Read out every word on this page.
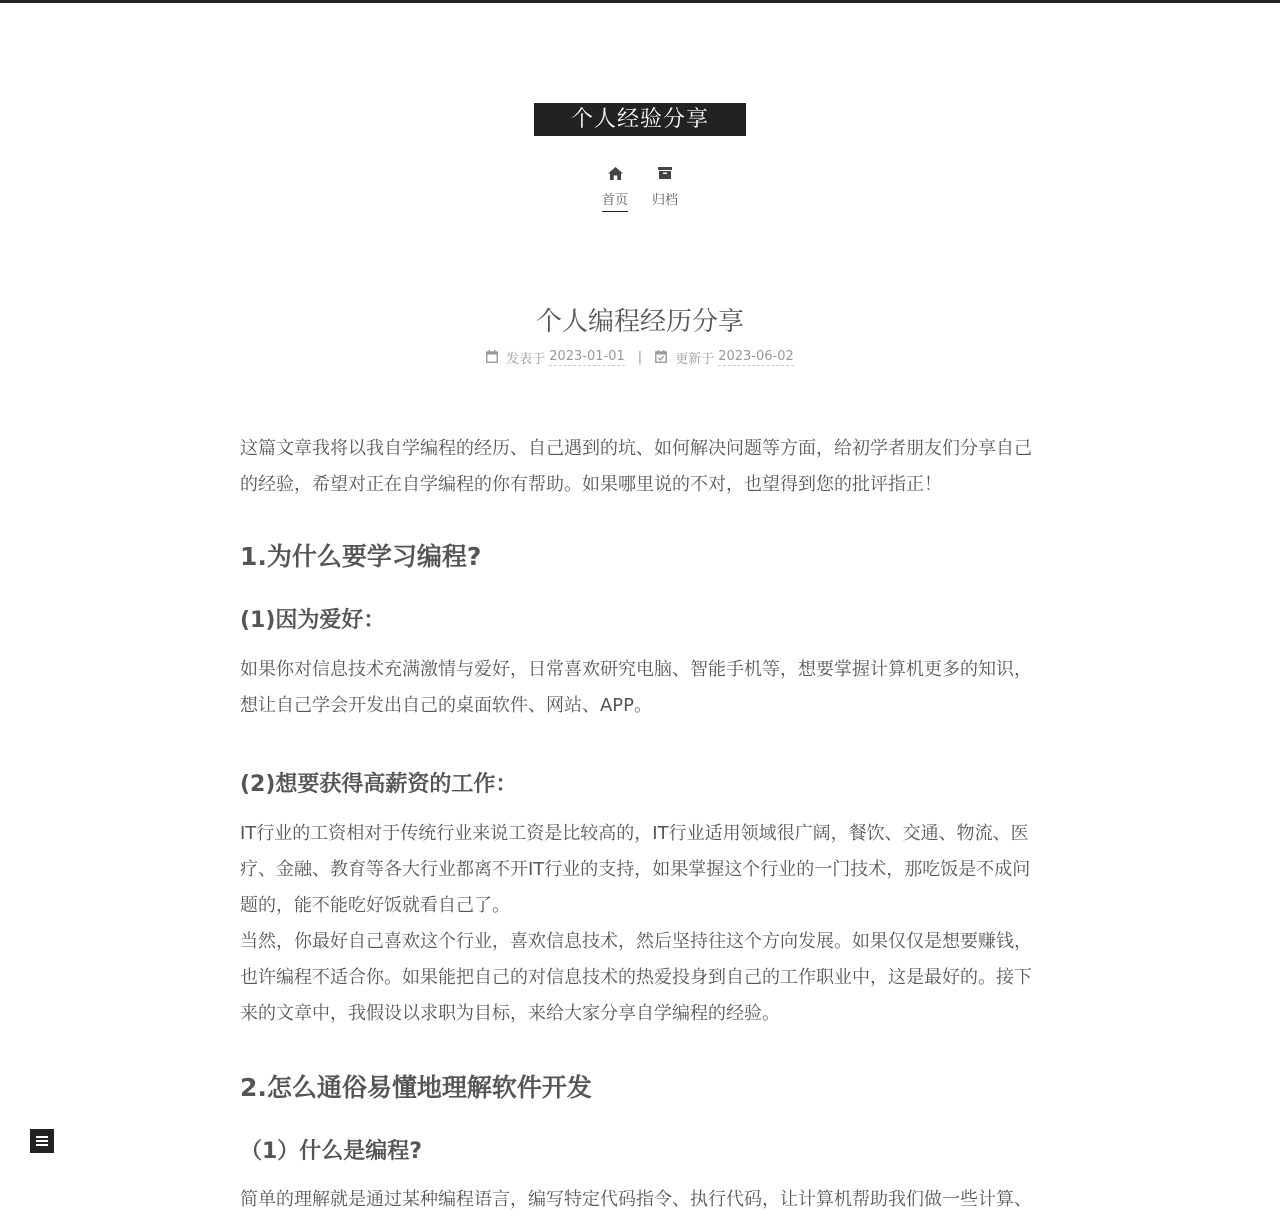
个人经验分享
首页 归档
个人编程经历分享
发表于 2023-01-01 |	更新于 2023-06-02

这篇文章我将以我自学编程的经历、自己遇到的坑、如何解决问题等方面，给初学者朋友们分享自己的经验，希望对正在自学编程的你有帮助。如果哪里说的不对，也望得到您的批评指正！

1.为什么要学习编程?
(1)因为爱好：

如果你对信息技术充满激情与爱好，日常喜欢研究电脑、智能手机等，想要掌握计算机更多的知识，想让自己学会开发出自己的桌面软件、网站、APP。

(2)想要获得高薪资的工作：

IT行业的工资相对于传统行业来说工资是比较高的，IT行业适用领域很广阔，餐饮、交通、物流、医疗、金融、教育等各大行业都离不开IT行业的支持，如果掌握这个行业的一门技术，那吃饭是不成问题的，能不能吃好饭就看自己了。

当然，你最好自己喜欢这个行业，喜欢信息技术，然后坚持往这个方向发展。如果仅仅是想要赚钱，也许编程不适合你。如果能把自己的对信息技术的热爱投身到自己的工作职业中，这是最好的。接下来的文章中，我假设以求职为目标，来给大家分享自学编程的经验。

2.怎么通俗易懂地理解软件开发
（1）什么是编程?

简单的理解就是通过某种编程语言，编写特定代码指令、执行代码，让计算机帮助我们做一些计算、
